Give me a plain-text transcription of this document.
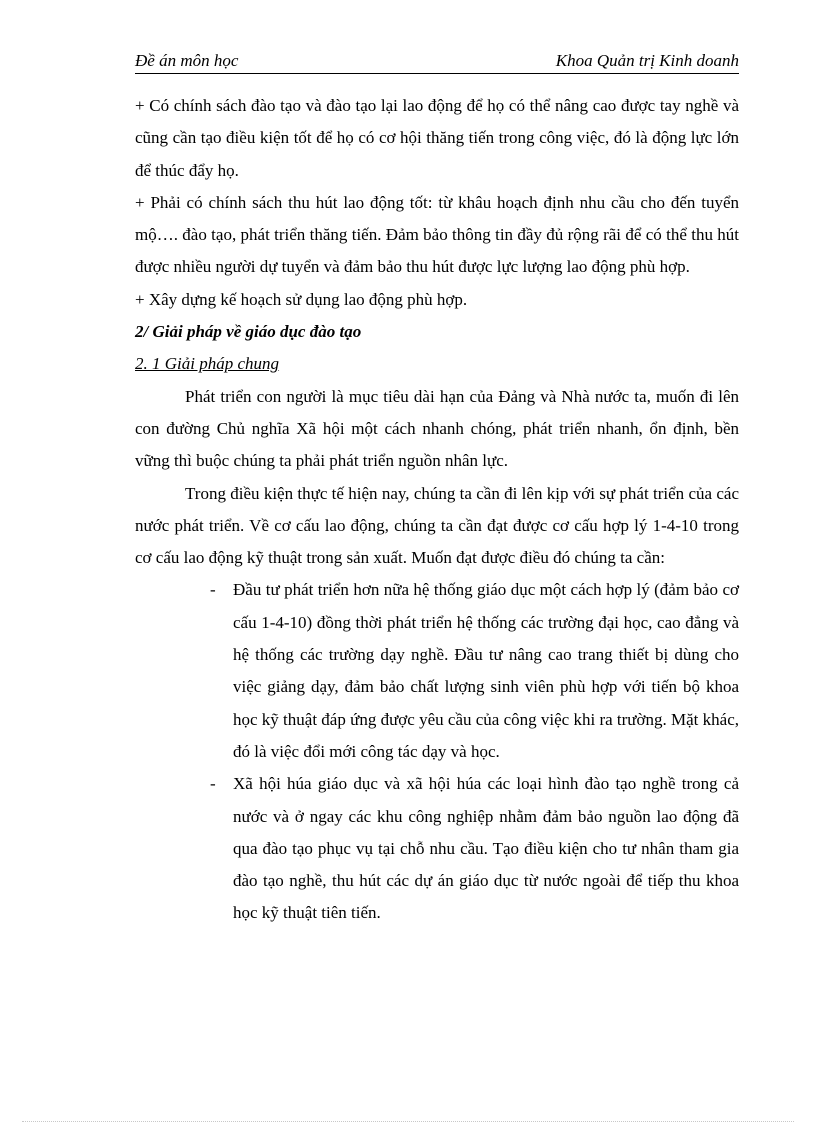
Đề án môn học	Khoa Quản trị Kinh doanh

+ Có chính sách đào tạo và đào tạo lại lao động để họ có thể nâng cao được tay nghề và cũng cần tạo điều kiện tốt để họ có cơ hội thăng tiến trong công việc, đó là động lực lớn để thúc đẩy họ.

+ Phải có chính sách thu hút lao động tốt: từ khâu hoạch định nhu cầu cho đến tuyển mộ…. đào tạo, phát triển thăng tiến. Đảm bảo thông tin đầy đủ rộng rãi để có thể thu hút được nhiều người dự tuyển và đảm bảo thu hút được lực lượng lao động phù hợp.

+ Xây dựng kế hoạch sử dụng lao động phù hợp.

2/ Giải pháp về giáo dục đào tạo

2. 1 Giải pháp chung

Phát triển con người là mục tiêu dài hạn của Đảng và Nhà nước ta, muốn đi lên con đường Chủ nghĩa Xã hội một cách nhanh chóng, phát triển nhanh, ổn định, bền vững thì buộc chúng ta phải phát triển nguồn nhân lực.

Trong điều kiện thực tế hiện nay, chúng ta cần đi lên kịp với sự phát triển của các nước phát triển. Về cơ cấu lao động, chúng ta cần đạt được cơ cấu hợp lý 1-4-10 trong cơ cấu lao động kỹ thuật trong sản xuất. Muốn đạt được điều đó chúng ta cần:

- Đầu tư phát triển hơn nữa hệ thống giáo dục một cách hợp lý (đảm bảo cơ cấu 1-4-10) đồng thời phát triển hệ thống các trường đại học, cao đẳng và hệ thống các trường dạy nghề. Đầu tư nâng cao trang thiết bị dùng cho việc giảng dạy, đảm bảo chất lượng sinh viên phù hợp với tiến bộ khoa học kỹ thuật đáp ứng được yêu cầu của công việc khi ra trường. Mặt khác, đó là việc đổi mới công tác dạy và học.
- Xã hội húa giáo dục và xã hội húa các loại hình đào tạo nghề trong cả nước và ở ngay các khu công nghiệp nhằm đảm bảo nguồn lao động đã qua đào tạo phục vụ tại chỗ nhu cầu. Tạo điều kiện cho tư nhân tham gia đào tạo nghề, thu hút các dự án giáo dục từ nước ngoài để tiếp thu khoa học kỹ thuật tiên tiến.
